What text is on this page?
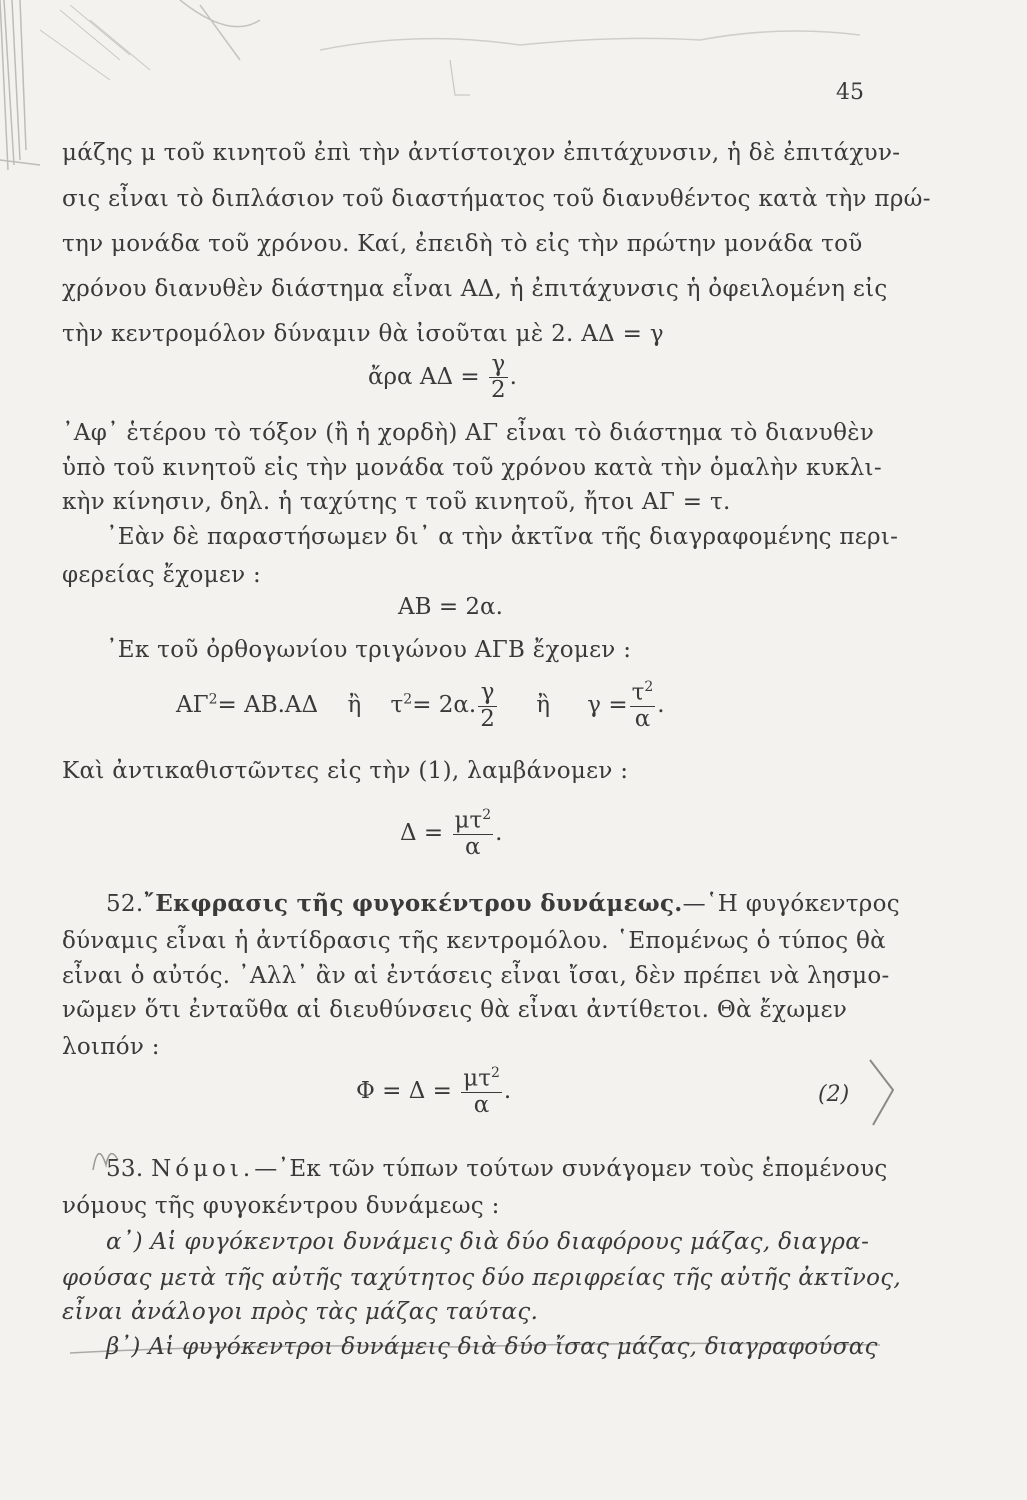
45
μάζης μ τοῦ κινητοῦ ἐπὶ τὴν ἀντίστοιχον ἐπιτάχυνσιν, ἡ δὲ ἐπιτάχυν-
σις εἶναι τὸ διπλάσιον τοῦ διαστήματος τοῦ διανυθέντος κατὰ τὴν πρώ-
την μονάδα τοῦ χρόνου. Καί, ἐπειδὴ τὸ εἰς τὴν πρώτην μονάδα τοῦ
χρόνου διανυθὲν διάστημα εἶναι ΑΔ, ἡ ἐπιτάχυνσις ἡ ὀφειλομένη εἰς
τὴν κεντρομόλον δύναμιν θὰ ἰσοῦται μὲ 2. ΑΔ = γ
ἄρα $A\Delta = \frac{\gamma}{2}$ .
᾿Αφ᾿ ἑτέρου τὸ τόξον (ἢ ἡ χορδὴ) ΑΓ εἶναι τὸ διάστημα τὸ διανυθὲν
ὑπὸ τοῦ κινητοῦ εἰς τὴν μονάδα τοῦ χρόνου κατὰ τὴν ὁμαλὴν κυκλι-
κὴν κίνησιν, δηλ. ἡ ταχύτης τ τοῦ κινητοῦ, ἤτοι ΑΓ = τ.
᾿Εὰν δὲ παραστήσωμεν δι᾿ α τὴν ἀκτῖνα τῆς διαγραφομένης περι-
φερείας ἔχομεν :
ΑΒ = 2α.
᾿Εκ τοῦ ὀρθογωνίου τριγώνου ΑΓΒ ἔχομεν :
$A\Gamma^2= AB.A\Delta$ ἢ $\tau^2= 2\alpha$. $\frac{\gamma}{2}$ ἢ $\gamma = \frac{\tau^2}{\alpha}$ .
Καὶ ἀντικαθιστῶντες εἰς τὴν (1), λαμβάνομεν :
$\Delta = \frac{\mu\tau^2}{\alpha}$ .
52.῎Εκφρασις τῆς φυγοκέντρου δυνάμεως.—῾Η φυγόκεντρος
δύναμις εἶναι ἡ ἀντίδρασις τῆς κεντρομόλου. ῾Επομένως ὁ τύπος θὰ
εἶναι ὁ αὐτός. ᾿Αλλ᾿ ἂν αἱ ἐντάσεις εἶναι ἴσαι, δὲν πρέπει νὰ λησμο-
νῶμεν ὅτι ἐνταῦθα αἱ διευθύνσεις θὰ εἶναι ἀντίθετοι. Θὰ ἔχωμεν
λοιπόν :
$\Phi = \Delta = \frac{\mu\tau^2}{\alpha}$ .	(2)
53. Νόμοι.—᾿Εκ τῶν τύπων τούτων συνάγομεν τοὺς ἑπομένους
νόμους τῆς φυγοκέντρου δυνάμεως :
α᾿) Αἱ φυγόκεντροι δυνάμεις διὰ δύο διαφόρους μάζας, διαγρα-
φούσας μετὰ τῆς αὐτῆς ταχύτητος δύο περιφρείας τῆς αὐτῆς ἀκτῖνος,
εἶναι ἀνάλογοι πρὸς τὰς μάζας ταύτας.
β᾿) Αἱ φυγόκεντροι δυνάμεις διὰ δύο ἴσας μάζας, διαγραφούσας
